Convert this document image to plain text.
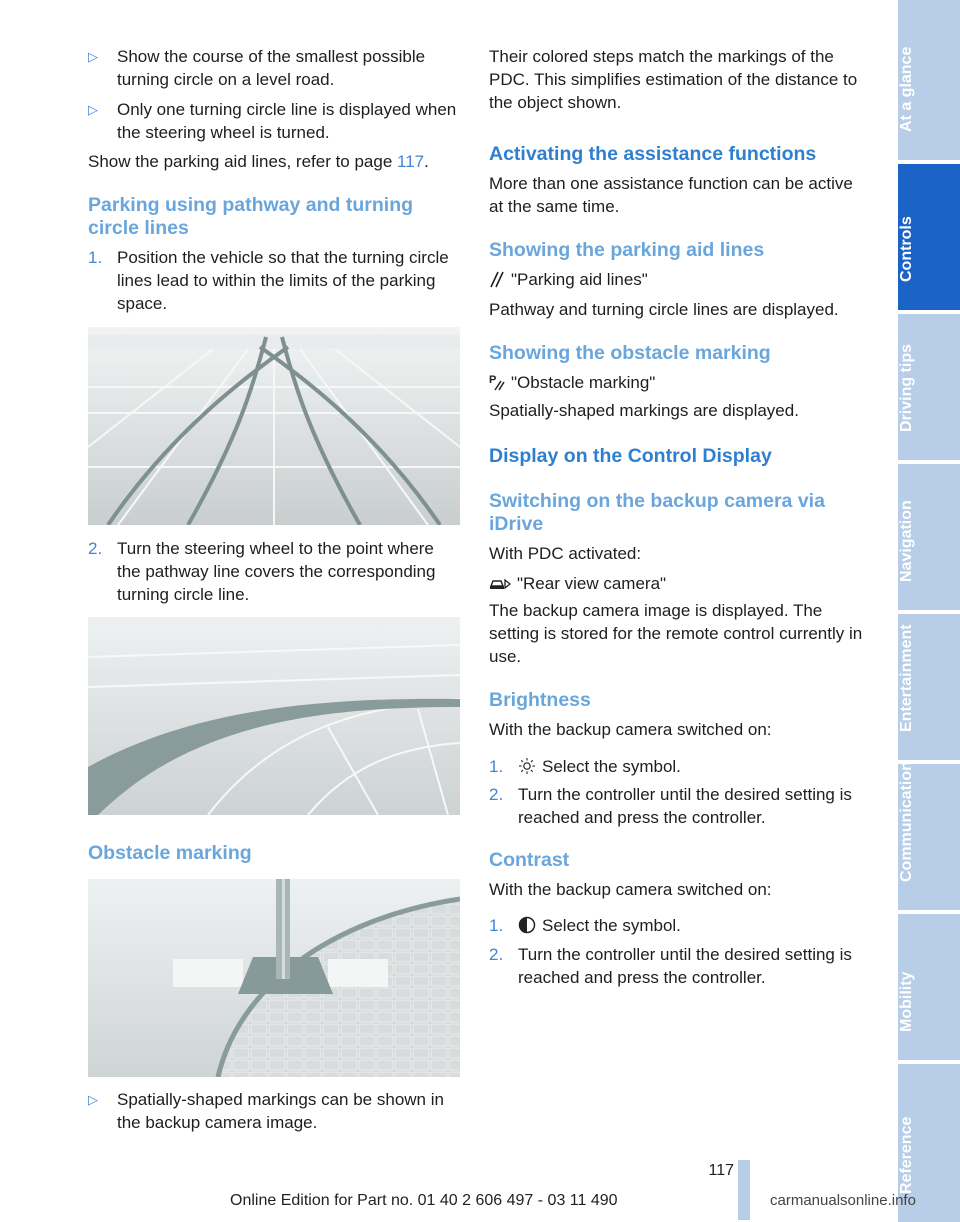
▷ Show the course of the smallest possible turning circle on a level road.
▷ Only one turning circle line is displayed when the steering wheel is turned.
Show the parking aid lines, refer to page 117.
Parking using pathway and turning circle lines
1. Position the vehicle so that the turning circle lines lead to within the limits of the parking space.
2. Turn the steering wheel to the point where the pathway line covers the corresponding turning circle line.
Obstacle marking
▷ Spatially-shaped markings can be shown in the backup camera image.
Their colored steps match the markings of the PDC. This simplifies estimation of the distance to the object shown.
Activating the assistance functions
More than one assistance function can be active at the same time.
Showing the parking aid lines
"Parking aid lines"
Pathway and turning circle lines are displayed.
Showing the obstacle marking
P "Obstacle marking"
Spatially-shaped markings are displayed.
Display on the Control Display
Switching on the backup camera via iDrive
With PDC activated:
"Rear view camera"
The backup camera image is displayed. The setting is stored for the remote control currently in use.
Brightness
With the backup camera switched on:
1.	Select the symbol.
2. Turn the controller until the desired setting is reached and press the controller.
Contrast
With the backup camera switched on:
1.	Select the symbol.
2. Turn the controller until the desired setting is reached and press the controller.
At a glance
Controls
Driving tips
Navigation
Entertainment
Communication
Mobility
Reference
117
Online Edition for Part no. 01 40 2 606 497 - 03 11 490	carmanualsonline.info
